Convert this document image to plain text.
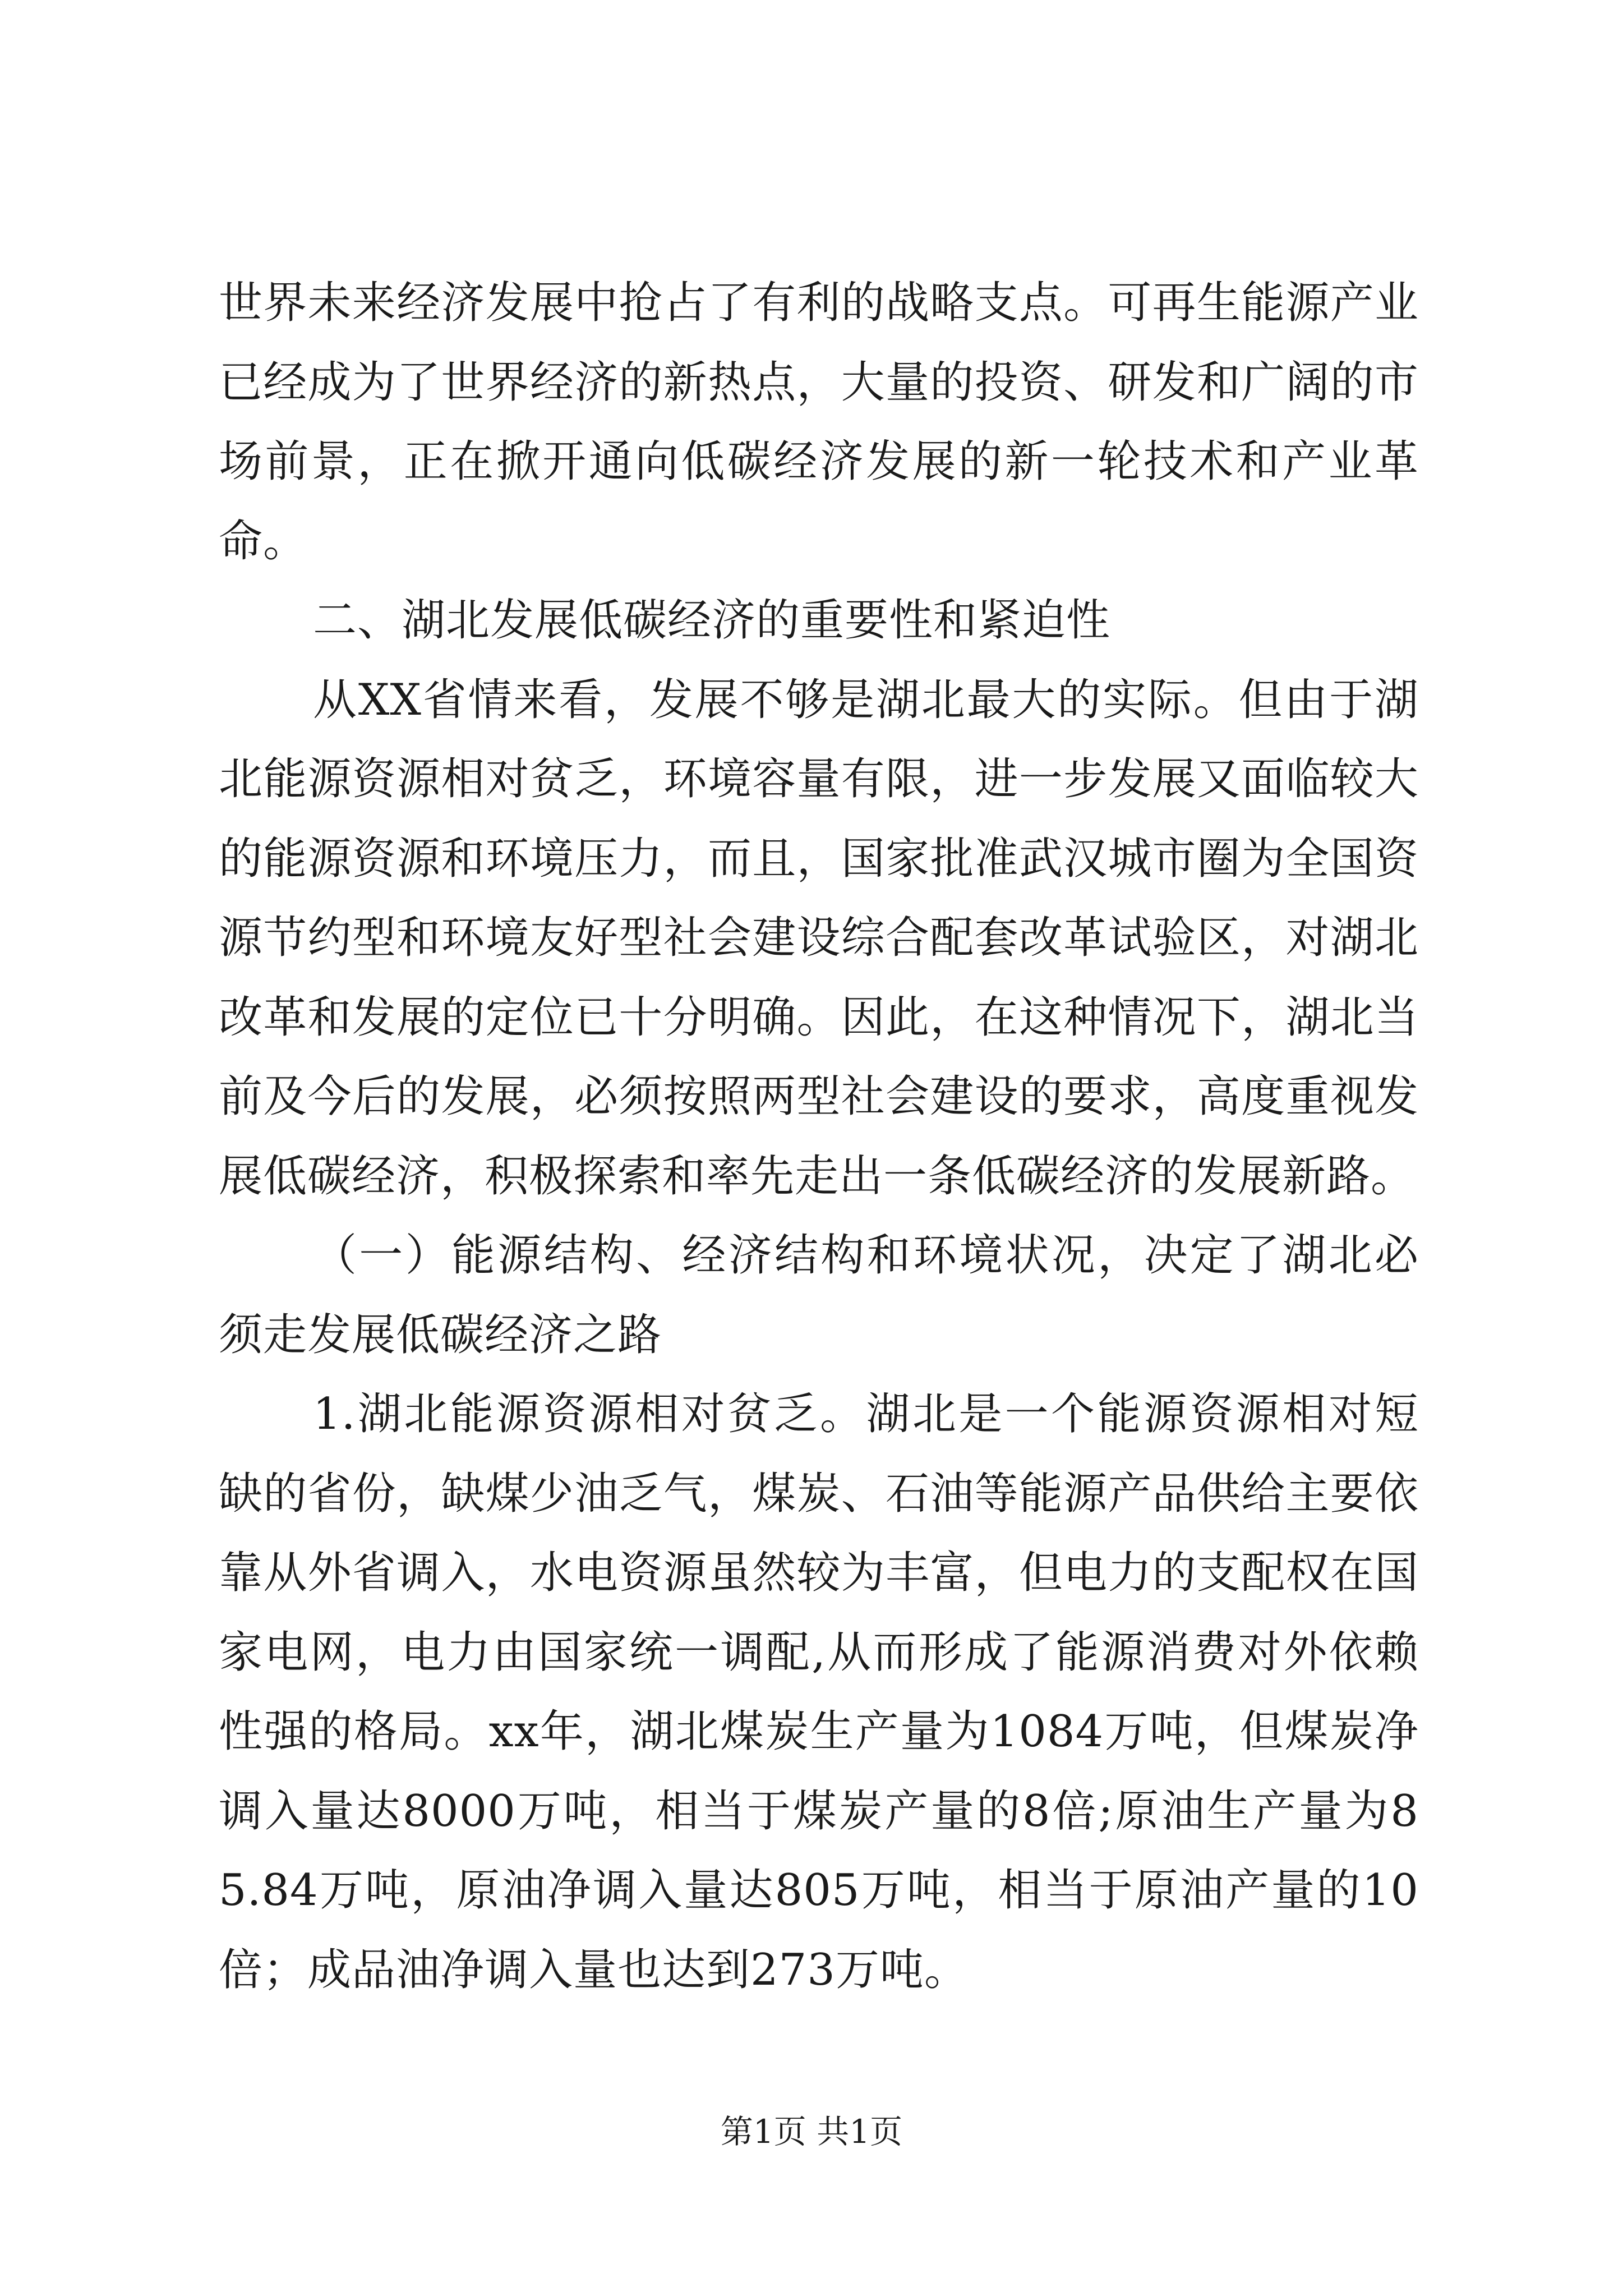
世界未来经济发展中抢占了有利的战略支点。可再生能源产业已经成为了世界经济的新热点，大量的投资、研发和广阔的市场前景，正在掀开通向低碳经济发展的新一轮技术和产业革命。

二、湖北发展低碳经济的重要性和紧迫性

从XX省情来看，发展不够是湖北最大的实际。但由于湖北能源资源相对贫乏，环境容量有限，进一步发展又面临较大的能源资源和环境压力，而且，国家批准武汉城市圈为全国资源节约型和环境友好型社会建设综合配套改革试验区，对湖北改革和发展的定位已十分明确。因此，在这种情况下，湖北当前及今后的发展，必须按照两型社会建设的要求，高度重视发展低碳经济，积极探索和率先走出一条低碳经济的发展新路。

（一）能源结构、经济结构和环境状况，决定了湖北必须走发展低碳经济之路

1.湖北能源资源相对贫乏。湖北是一个能源资源相对短缺的省份，缺煤少油乏气，煤炭、石油等能源产品供给主要依靠从外省调入，水电资源虽然较为丰富，但电力的支配权在国家电网，电力由国家统一调配,从而形成了能源消费对外依赖性强的格局。xx年，湖北煤炭生产量为1084万吨，但煤炭净调入量达8000万吨，相当于煤炭产量的8倍;原油生产量为85.84万吨，原油净调入量达805万吨，相当于原油产量的10倍；成品油净调入量也达到273万吨。

第1页 共1页
